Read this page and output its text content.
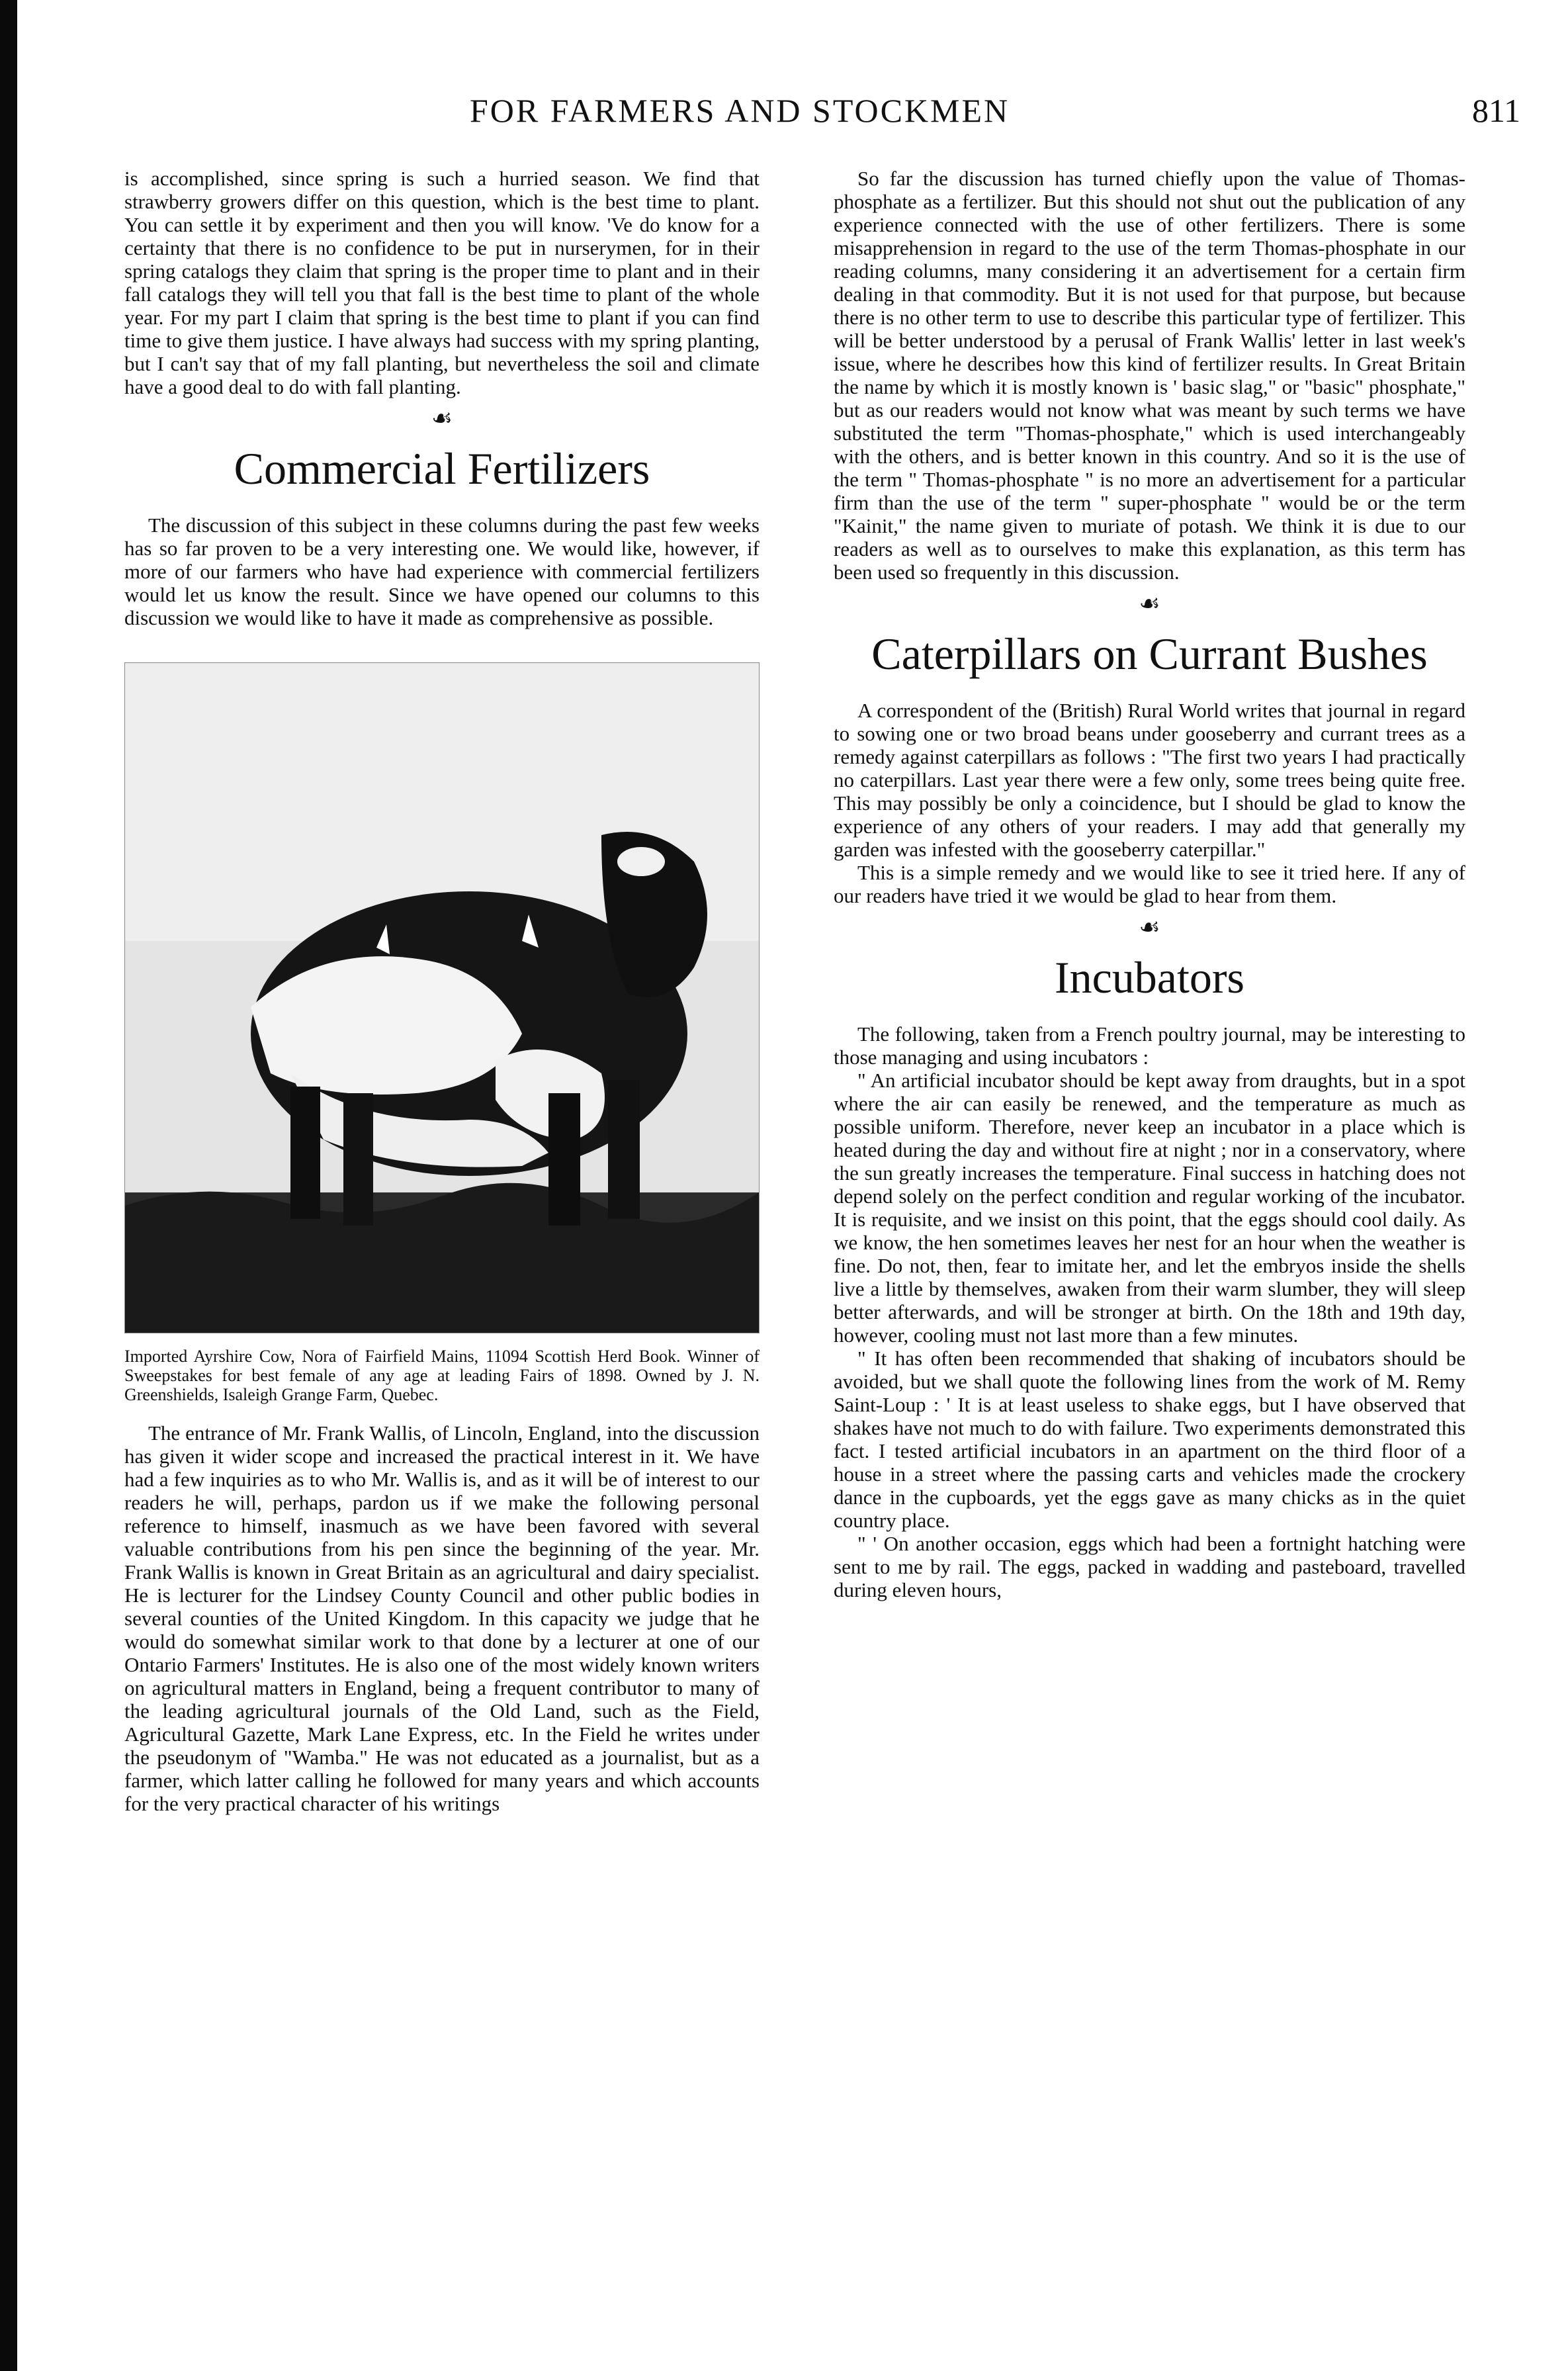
FOR FARMERS AND STOCKMEN	811

is accomplished, since spring is such a hurried season. We find that strawberry growers differ on this question, which is the best time to plant. You can settle it by experiment and then you will know. 'Ve do know for a certainty that there is no confidence to be put in nurserymen, for in their spring catalogs they claim that spring is the proper time to plant and in their fall catalogs they will tell you that fall is the best time to plant of the whole year. For my part I claim that spring is the best time to plant if you can find time to give them justice. I have always had success with my spring planting, but I can't say that of my fall planting, but nevertheless the soil and climate have a good deal to do with fall planting.

☙
Commercial Fertilizers

The discussion of this subject in these columns during the past few weeks has so far proven to be a very interesting one. We would like, however, if more of our farmers who have had experience with commercial fertilizers would let us know the result. Since we have opened our columns to this discussion we would like to have it made as comprehensive as possible.

Imported Ayrshire Cow, Nora of Fairfield Mains, 11094 Scottish Herd Book. Winner of Sweepstakes for best female of any age at leading Fairs of 1898. Owned by J. N. Greenshields, Isaleigh Grange Farm, Quebec.

The entrance of Mr. Frank Wallis, of Lincoln, England, into the discussion has given it wider scope and increased the practical interest in it. We have had a few inquiries as to who Mr. Wallis is, and as it will be of interest to our readers he will, perhaps, pardon us if we make the following personal reference to himself, inasmuch as we have been favored with several valuable contributions from his pen since the beginning of the year. Mr. Frank Wallis is known in Great Britain as an agricultural and dairy specialist. He is lecturer for the Lindsey County Council and other public bodies in several counties of the United Kingdom. In this capacity we judge that he would do somewhat similar work to that done by a lecturer at one of our Ontario Farmers' Institutes. He is also one of the most widely known writers on agricultural matters in England, being a frequent contributor to many of the leading agricultural journals of the Old Land, such as the Field, Agricultural Gazette, Mark Lane Express, etc. In the Field he writes under the pseudonym of "Wamba." He was not educated as a journalist, but as a farmer, which latter calling he followed for many years and which accounts for the very practical character of his writings

So far the discussion has turned chiefly upon the value of Thomas-phosphate as a fertilizer. But this should not shut out the publication of any experience connected with the use of other fertilizers. There is some misapprehension in regard to the use of the term Thomas-phosphate in our reading columns, many considering it an advertisement for a certain firm dealing in that commodity. But it is not used for that purpose, but because there is no other term to use to describe this particular type of fertilizer. This will be better understood by a perusal of Frank Wallis' letter in last week's issue, where he describes how this kind of fertilizer results. In Great Britain the name by which it is mostly known is ' basic slag," or "basic" phosphate," but as our readers would not know what was meant by such terms we have substituted the term "Thomas-phosphate," which is used interchangeably with the others, and is better known in this country. And so it is the use of the term " Thomas-phosphate " is no more an advertisement for a particular firm than the use of the term " super-phosphate " would be or the term "Kainit," the name given to muriate of potash. We think it is due to our readers as well as to ourselves to make this explanation, as this term has been used so frequently in this discussion.

☙
Caterpillars on Currant Bushes

A correspondent of the (British) Rural World writes that journal in regard to sowing one or two broad beans under gooseberry and currant trees as a remedy against caterpillars as follows : "The first two years I had practically no caterpillars. Last year there were a few only, some trees being quite free. This may possibly be only a coincidence, but I should be glad to know the experience of any others of your readers. I may add that generally my garden was infested with the gooseberry caterpillar."

This is a simple remedy and we would like to see it tried here. If any of our readers have tried it we would be glad to hear from them.

☙
Incubators

The following, taken from a French poultry journal, may be interesting to those managing and using incubators :

" An artificial incubator should be kept away from draughts, but in a spot where the air can easily be renewed, and the temperature as much as possible uniform. Therefore, never keep an incubator in a place which is heated during the day and without fire at night ; nor in a conservatory, where the sun greatly increases the temperature. Final success in hatching does not depend solely on the perfect condition and regular working of the incubator. It is requisite, and we insist on this point, that the eggs should cool daily. As we know, the hen sometimes leaves her nest for an hour when the weather is fine. Do not, then, fear to imitate her, and let the embryos inside the shells live a little by themselves, awaken from their warm slumber, they will sleep better afterwards, and will be stronger at birth. On the 18th and 19th day, however, cooling must not last more than a few minutes.

" It has often been recommended that shaking of incubators should be avoided, but we shall quote the following lines from the work of M. Remy Saint-Loup : ' It is at least useless to shake eggs, but I have observed that shakes have not much to do with failure. Two experiments demonstrated this fact. I tested artificial incubators in an apartment on the third floor of a house in a street where the passing carts and vehicles made the crockery dance in the cupboards, yet the eggs gave as many chicks as in the quiet country place.

" ' On another occasion, eggs which had been a fortnight hatching were sent to me by rail. The eggs, packed in wadding and pasteboard, travelled during eleven hours,
